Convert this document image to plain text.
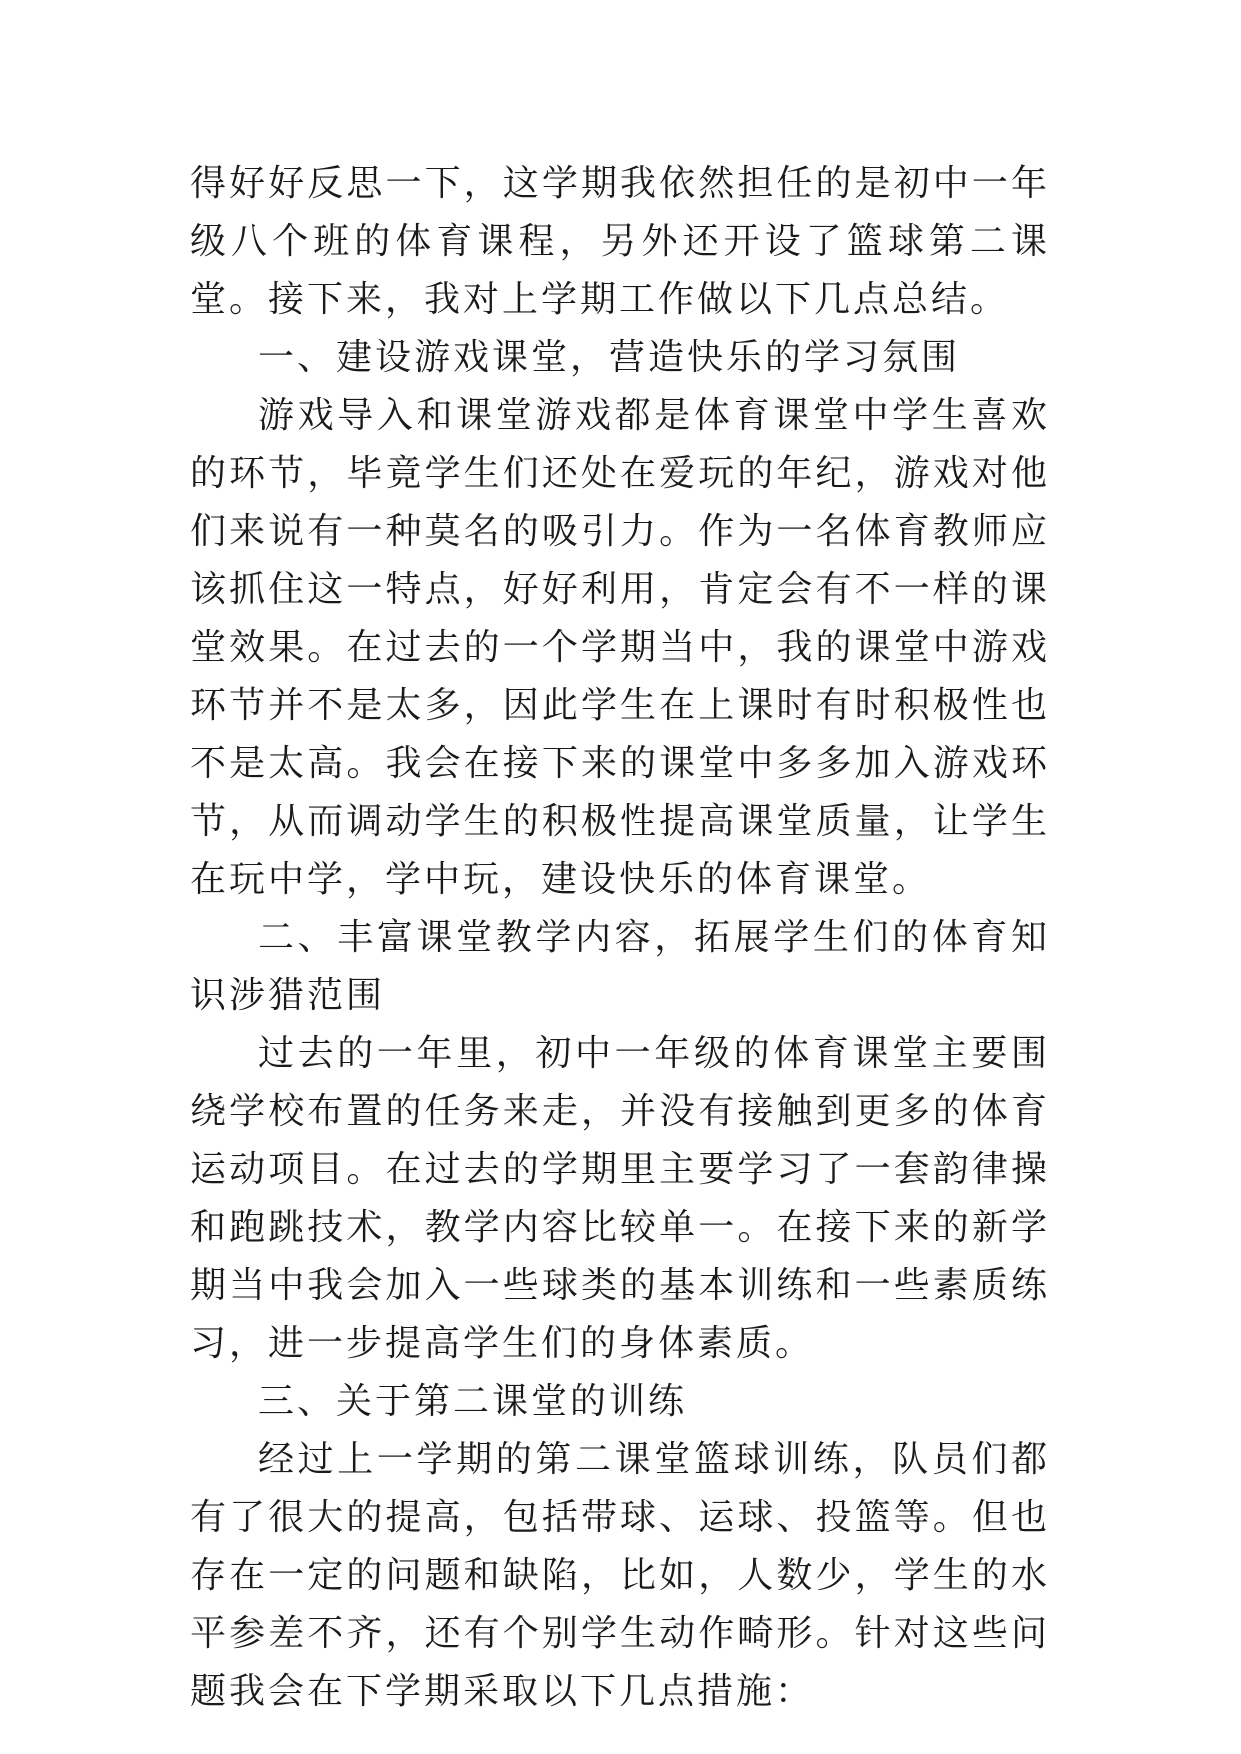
得好好反思一下，这学期我依然担任的是初中一年级八个班的体育课程，另外还开设了篮球第二课堂。接下来，我对上学期工作做以下几点总结。

一、建设游戏课堂，营造快乐的学习氛围

游戏导入和课堂游戏都是体育课堂中学生喜欢的环节，毕竟学生们还处在爱玩的年纪，游戏对他们来说有一种莫名的吸引力。作为一名体育教师应该抓住这一特点，好好利用，肯定会有不一样的课堂效果。在过去的一个学期当中，我的课堂中游戏环节并不是太多，因此学生在上课时有时积极性也不是太高。我会在接下来的课堂中多多加入游戏环节，从而调动学生的积极性提高课堂质量，让学生在玩中学，学中玩，建设快乐的体育课堂。

二、丰富课堂教学内容，拓展学生们的体育知识涉猎范围

过去的一年里，初中一年级的体育课堂主要围绕学校布置的任务来走，并没有接触到更多的体育运动项目。在过去的学期里主要学习了一套韵律操和跑跳技术，教学内容比较单一。在接下来的新学期当中我会加入一些球类的基本训练和一些素质练习，进一步提高学生们的身体素质。

三、关于第二课堂的训练

经过上一学期的第二课堂篮球训练，队员们都有了很大的提高，包括带球、运球、投篮等。但也存在一定的问题和缺陷，比如，人数少，学生的水平参差不齐，还有个别学生动作畸形。针对这些问题我会在下学期采取以下几点措施：
